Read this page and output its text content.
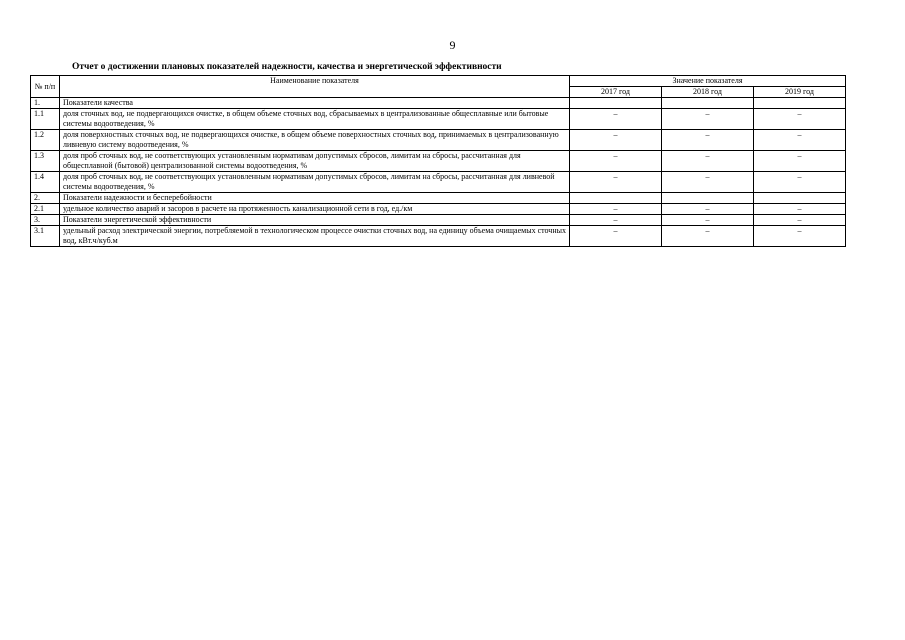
9
Отчет о достижении плановых показателей надежности, качества и энергетической эффективности
№ п/п	Наименование показателя	Значение показателя		
		2017 год	2018 год	2019 год
1.	Показатели качества			
1.1	доля сточных вод, не подвергающихся очистке, в общем объеме сточных вод, сбрасываемых в централизованные общесплавные или бытовые системы водоотведения, %	–	–	–
1.2	доля поверхностных сточных вод, не подвергающихся очистке, в общем объеме поверхностных сточных вод, принимаемых в централизованную ливневую систему водоотведения, %	–	–	–
1.3	доля проб сточных вод, не соответствующих установленным нормативам допустимых сбросов, лимитам на сбросы, рассчитанная для общесплавной (бытовой) централизованной системы водоотведения, %	–	–	–
1.4	доля проб сточных вод, не соответствующих установленным нормативам допустимых сбросов, лимитам на сбросы, рассчитанная для ливневой системы водоотведения, %	–	–	–
2.	Показатели надежности и бесперебойности			
2.1	удельное количество аварий и засоров в расчете на протяженность канализационной сети в год, ед./км	–	–	–
3.	Показатели энергетической эффективности	–	–	–
3.1	удельный расход электрической энергии, потребляемой в технологическом процессе очистки сточных вод, на единицу объема очищаемых сточных вод, кВт.ч/куб.м	–	–	–
